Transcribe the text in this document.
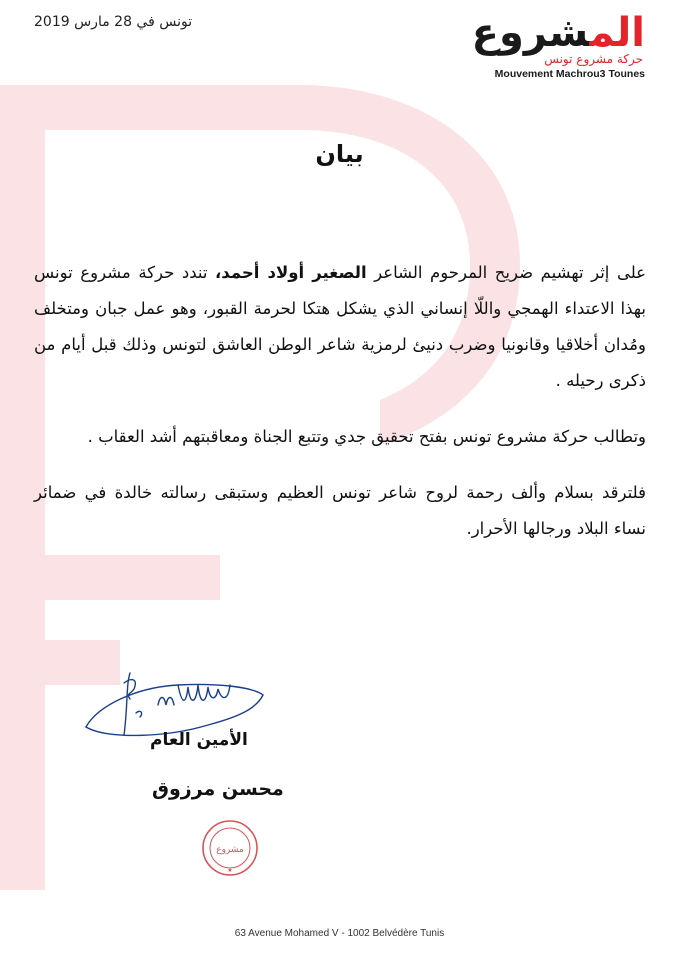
تونس في 28 مارس 2019	المشروع
حركة مشروع تونس
Mouvement Machrou3 Tounes
بيان

على إثر تهشيم ضريح المرحوم الشاعر الصغير أولاد أحمد، تندد حركة مشروع تونس بهذا الاعتداء الهمجي واللّا إنساني الذي يشكل هتكا لحرمة القبور، وهو عمل جبان ومتخلف ومُدان أخلاقيا وقانونيا وضرب دنيئ لرمزية شاعر الوطن العاشق لتونس وذلك قبل أيام من ذكرى رحيله .

وتطالب حركة مشروع تونس بفتح تحقيق جدي وتتبع الجناة ومعاقبتهم أشد العقاب .

فلترقد بسلام وألف رحمة لروح شاعر تونس العظيم وستبقى رسالته خالدة في ضمائر نساء البلاد ورجالها الأحرار.

الأمين العام
محسن مرزوق
مشروع
★
63 Avenue Mohamed V - 1002 Belvédère Tunis
